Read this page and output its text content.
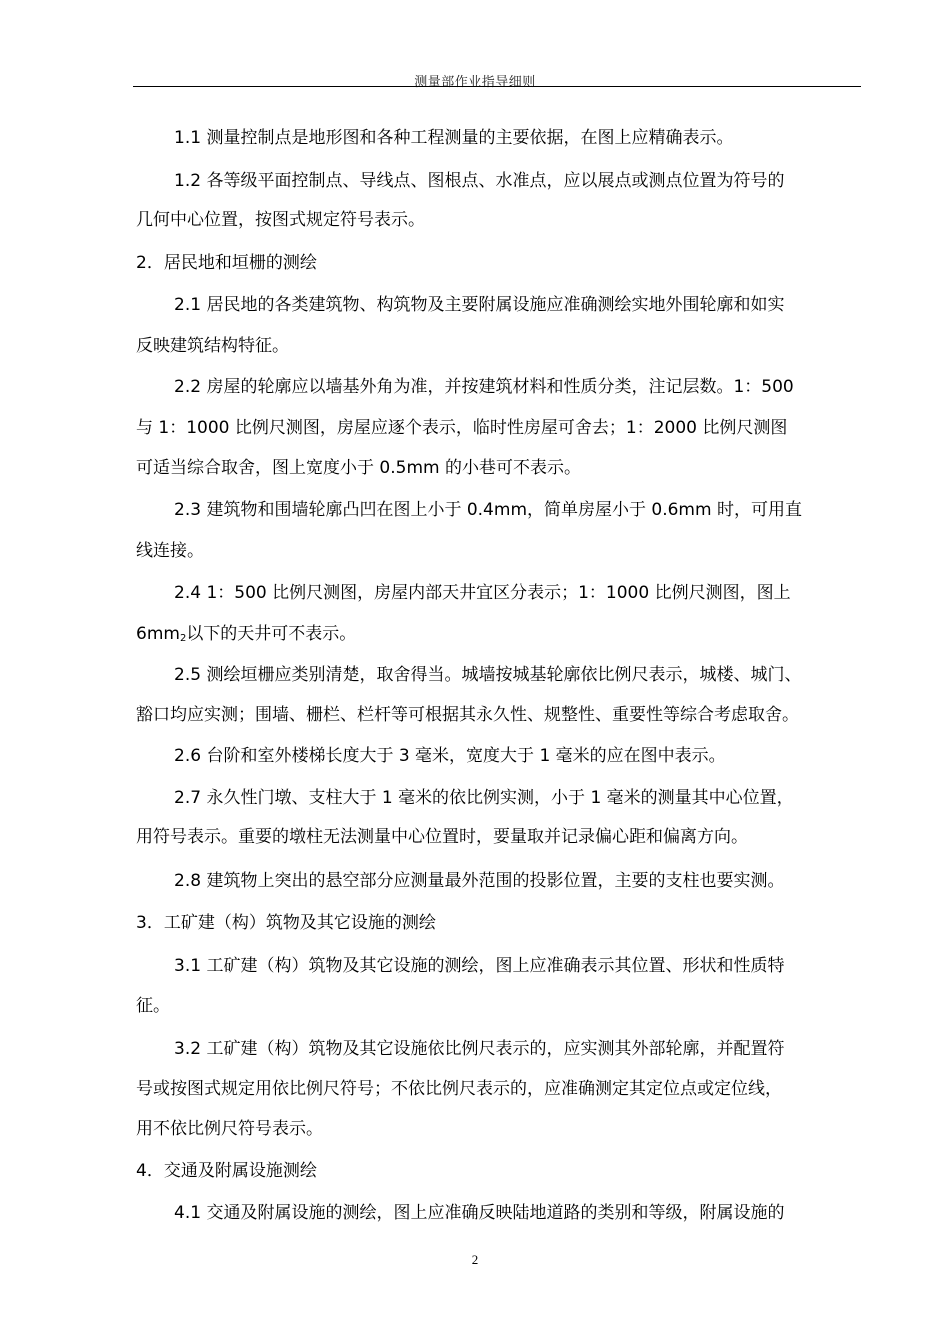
测量部作业指导细则
1.1 测量控制点是地形图和各种工程测量的主要依据，在图上应精确表示。
1.2 各等级平面控制点、导线点、图根点、水准点，应以展点或测点位置为符号的
几何中心位置，按图式规定符号表示。
2．居民地和垣栅的测绘
2.1 居民地的各类建筑物、构筑物及主要附属设施应准确测绘实地外围轮廓和如实
反映建筑结构特征。
2.2 房屋的轮廓应以墙基外角为准，并按建筑材料和性质分类，注记层数。1：500
与 1：1000 比例尺测图，房屋应逐个表示，临时性房屋可舍去；1：2000 比例尺测图
可适当综合取舍，图上宽度小于 0.5mm 的小巷可不表示。
2.3 建筑物和围墙轮廓凸凹在图上小于 0.4mm，简单房屋小于 0.6mm 时，可用直
线连接。
2.4 1：500 比例尺测图，房屋内部天井宜区分表示；1：1000 比例尺测图，图上
$6mm_2$以下的天井可不表示。
2.5 测绘垣栅应类别清楚，取舍得当。城墙按城基轮廓依比例尺表示，城楼、城门、
豁口均应实测；围墙、栅栏、栏杆等可根据其永久性、规整性、重要性等综合考虑取舍。
2.6 台阶和室外楼梯长度大于 3 毫米，宽度大于 1 毫米的应在图中表示。
2.7 永久性门墩、支柱大于 1 毫米的依比例实测，小于 1 毫米的测量其中心位置，
用符号表示。重要的墩柱无法测量中心位置时，要量取并记录偏心距和偏离方向。
2.8 建筑物上突出的悬空部分应测量最外范围的投影位置，主要的支柱也要实测。
3．工矿建（构）筑物及其它设施的测绘
3.1 工矿建（构）筑物及其它设施的测绘，图上应准确表示其位置、形状和性质特
征。
3.2 工矿建（构）筑物及其它设施依比例尺表示的，应实测其外部轮廓，并配置符
号或按图式规定用依比例尺符号；不依比例尺表示的，应准确测定其定位点或定位线，
用不依比例尺符号表示。
4．交通及附属设施测绘
4.1 交通及附属设施的测绘，图上应准确反映陆地道路的类别和等级，附属设施的
2
